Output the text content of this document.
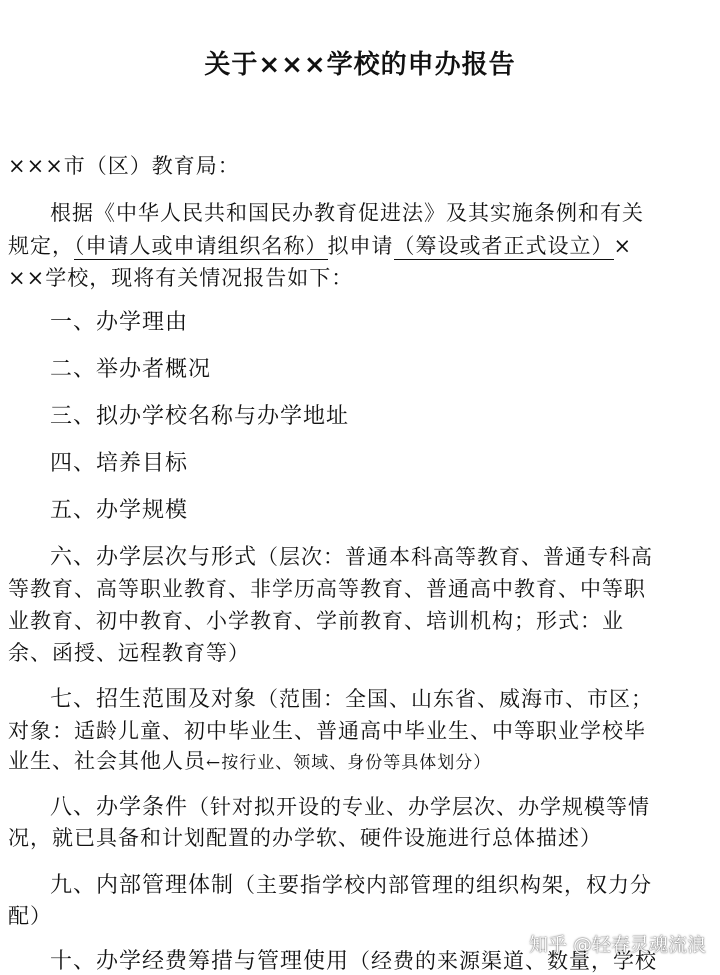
关于×××学校的申办报告
×××市（区）教育局：
根据《中华人民共和国民办教育促进法》及其实施条例和有关
规定，（申请人或申请组织名称）拟申请（筹设或者正式设立）×
××学校，现将有关情况报告如下：
一、办学理由
二、举办者概况
三、拟办学校名称与办学地址
四、培养目标
五、办学规模
六、办学层次与形式（层次：普通本科高等教育、普通专科高
等教育、高等职业教育、非学历高等教育、普通高中教育、中等职
业教育、初中教育、小学教育、学前教育、培训机构；形式：业
余、函授、远程教育等）
七、招生范围及对象（范围：全国、山东省、威海市、市区；
对象：适龄儿童、初中毕业生、普通高中毕业生、中等职业学校毕
业生、社会其他人员←按行业、领域、身份等具体划分）
八、办学条件（针对拟开设的专业、办学层次、办学规模等情
况，就已具备和计划配置的办学软、硬件设施进行总体描述）
九、内部管理体制（主要指学校内部管理的组织构架，权力分
配）
十、办学经费筹措与管理使用（经费的来源渠道、数量，学校
知乎 @轻春灵魂流浪
